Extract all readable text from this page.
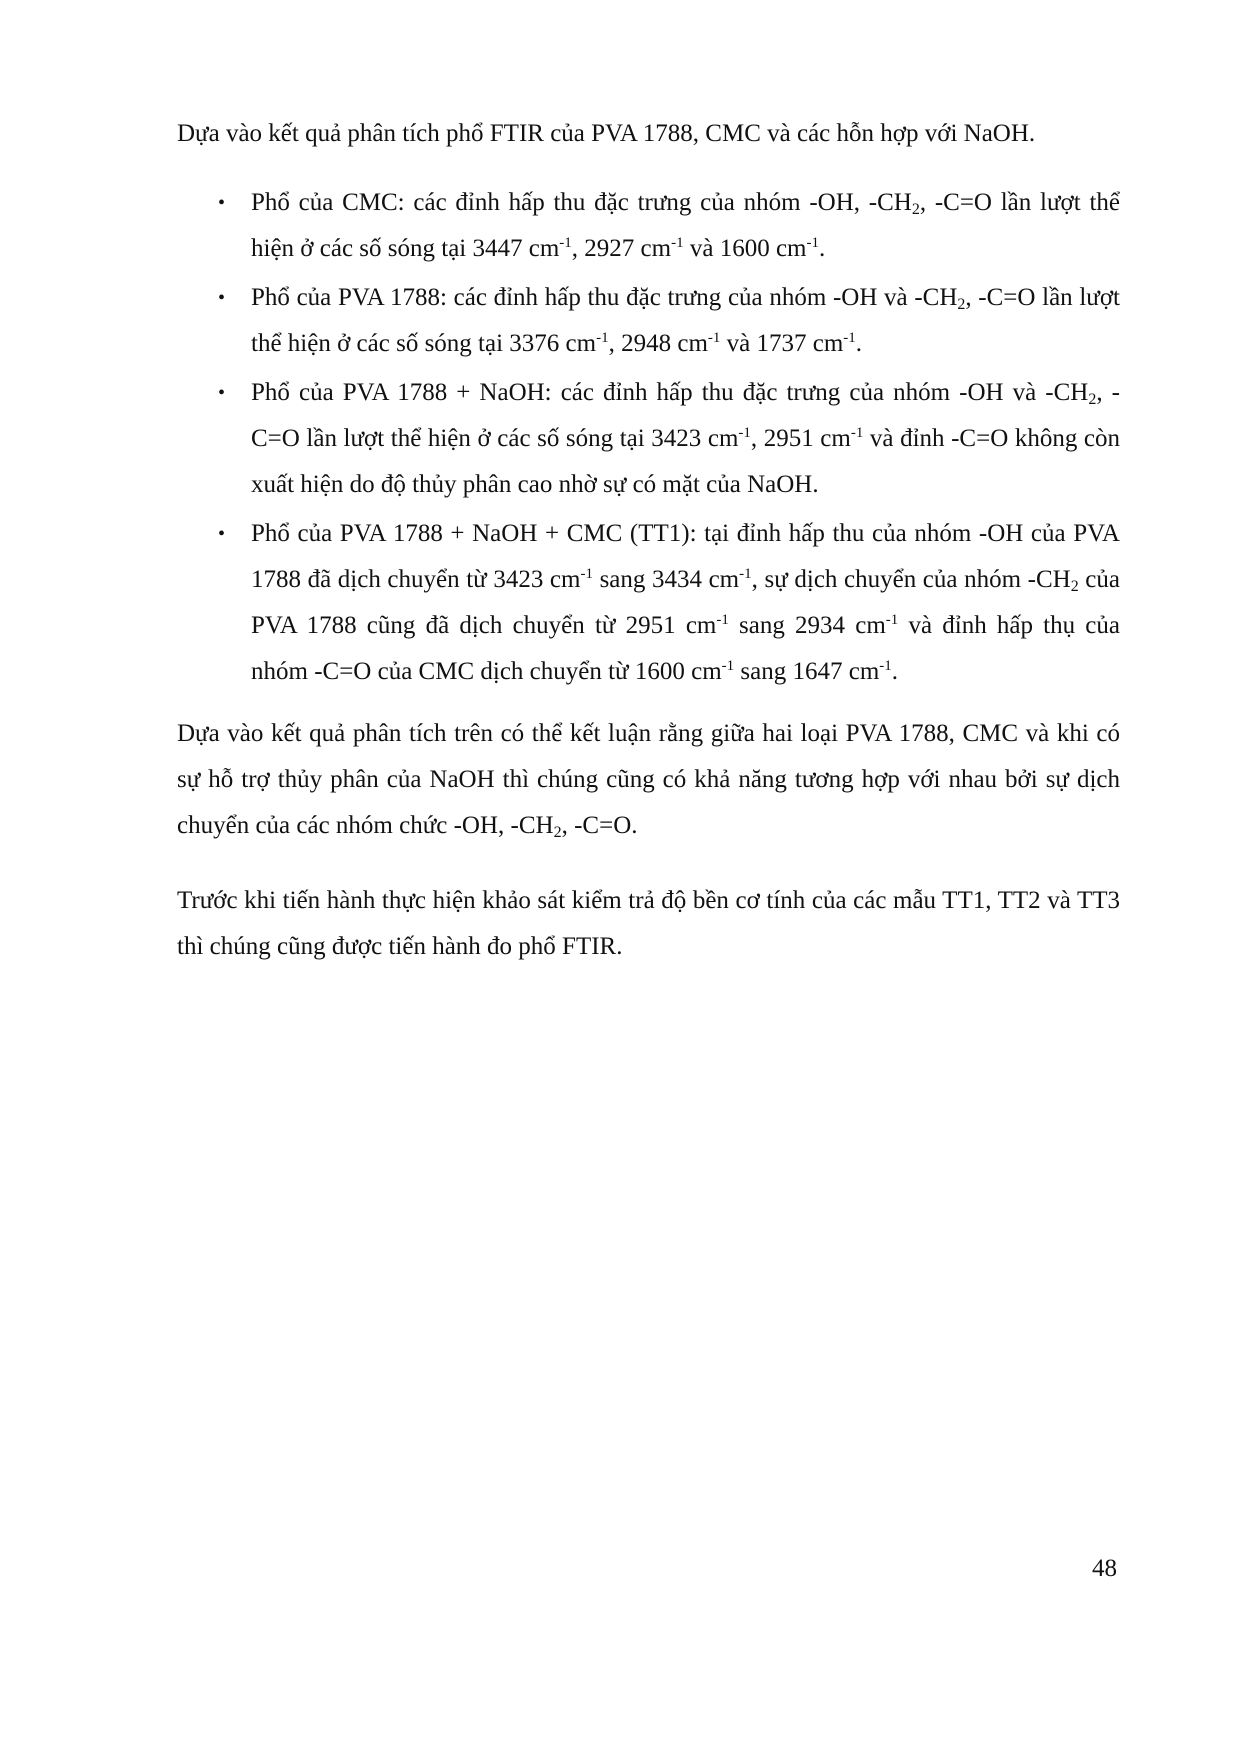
Dựa vào kết quả phân tích phổ FTIR của PVA 1788, CMC và các hỗn hợp với NaOH.

• Phổ của CMC: các đỉnh hấp thu đặc trưng của nhóm -OH, $-CH_2$, -C=O lần lượt thể hiện ở các số sóng tại 3447 $cm^{-1}$, 2927 $cm^{-1}$ và 1600 $cm^{-1}$.
• Phổ của PVA 1788: các đỉnh hấp thu đặc trưng của nhóm -OH và $-CH_2$, -C=O lần lượt thể hiện ở các số sóng tại 3376 $cm^{-1}$, 2948 $cm^{-1}$ và 1737 $cm^{-1}$.
• Phổ của PVA 1788 + NaOH: các đỉnh hấp thu đặc trưng của nhóm -OH và $-CH_2$, -C=O lần lượt thể hiện ở các số sóng tại 3423 $cm^{-1}$, 2951 $cm^{-1}$ và đỉnh -C=O không còn xuất hiện do độ thủy phân cao nhờ sự có mặt của NaOH.
• Phổ của PVA 1788 + NaOH + CMC (TT1): tại đỉnh hấp thu của nhóm -OH của PVA 1788 đã dịch chuyển từ 3423 $cm^{-1}$ sang 3434 $cm^{-1}$, sự dịch chuyển của nhóm $-CH_2$ của PVA 1788 cũng đã dịch chuyển từ 2951 $cm^{-1}$ sang 2934 $cm^{-1}$ và đỉnh hấp thụ của nhóm -C=O của CMC dịch chuyển từ 1600 $cm^{-1}$ sang 1647 $cm^{-1}$.

Dựa vào kết quả phân tích trên có thể kết luận rằng giữa hai loại PVA 1788, CMC và khi có sự hỗ trợ thủy phân của NaOH thì chúng cũng có khả năng tương hợp với nhau bởi sự dịch chuyển của các nhóm chức -OH, $-CH_2$, -C=O.

Trước khi tiến hành thực hiện khảo sát kiểm trả độ bền cơ tính của các mẫu TT1, TT2 và TT3 thì chúng cũng được tiến hành đo phổ FTIR.

48
